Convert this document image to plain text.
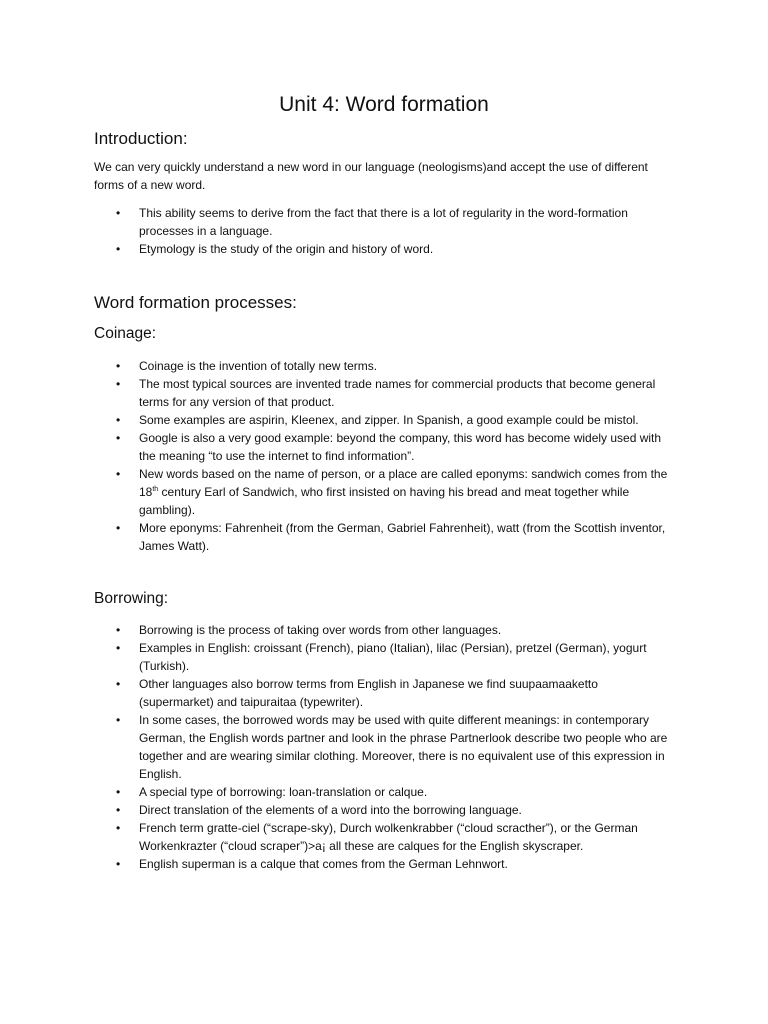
Unit 4: Word formation
Introduction:

We can very quickly understand a new word in our language (neologisms)and accept the use of different forms of a new word.

• This ability seems to derive from the fact that there is a lot of regularity in the word-formation processes in a language.
• Etymology is the study of the origin and history of word.
Word formation processes:
Coinage:
• Coinage is the invention of totally new terms.
• The most typical sources are invented trade names for commercial products that become general terms for any version of that product.
• Some examples are aspirin, Kleenex, and zipper. In Spanish, a good example could be mistol.
• Google is also a very good example: beyond the company, this word has become widely used with the meaning “to use the internet to find information”.
• New words based on the name of person, or a place are called eponyms: sandwich comes from the 18th century Earl of Sandwich, who first insisted on having his bread and meat together while gambling).
• More eponyms: Fahrenheit (from the German, Gabriel Fahrenheit), watt (from the Scottish inventor, James Watt).
Borrowing:
• Borrowing is the process of taking over words from other languages.
• Examples in English: croissant (French), piano (Italian), lilac (Persian), pretzel (German), yogurt (Turkish).
• Other languages also borrow terms from English in Japanese we find suupaamaaketto (supermarket) and taipuraitaa (typewriter).
• In some cases, the borrowed words may be used with quite different meanings: in contemporary German, the English words partner and look in the phrase Partnerlook describe two people who are together and are wearing similar clothing. Moreover, there is no equivalent use of this expression in English.
• A special type of borrowing: loan-translation or calque.
• Direct translation of the elements of a word into the borrowing language.
• French term gratte-ciel (“scrape-sky), Durch wolkenkrabber (“cloud scracther”), or the German Workenkrazter (“cloud scraper”)>a¡ all these are calques for the English skyscraper.
• English superman is a calque that comes from the German Lehnwort.
